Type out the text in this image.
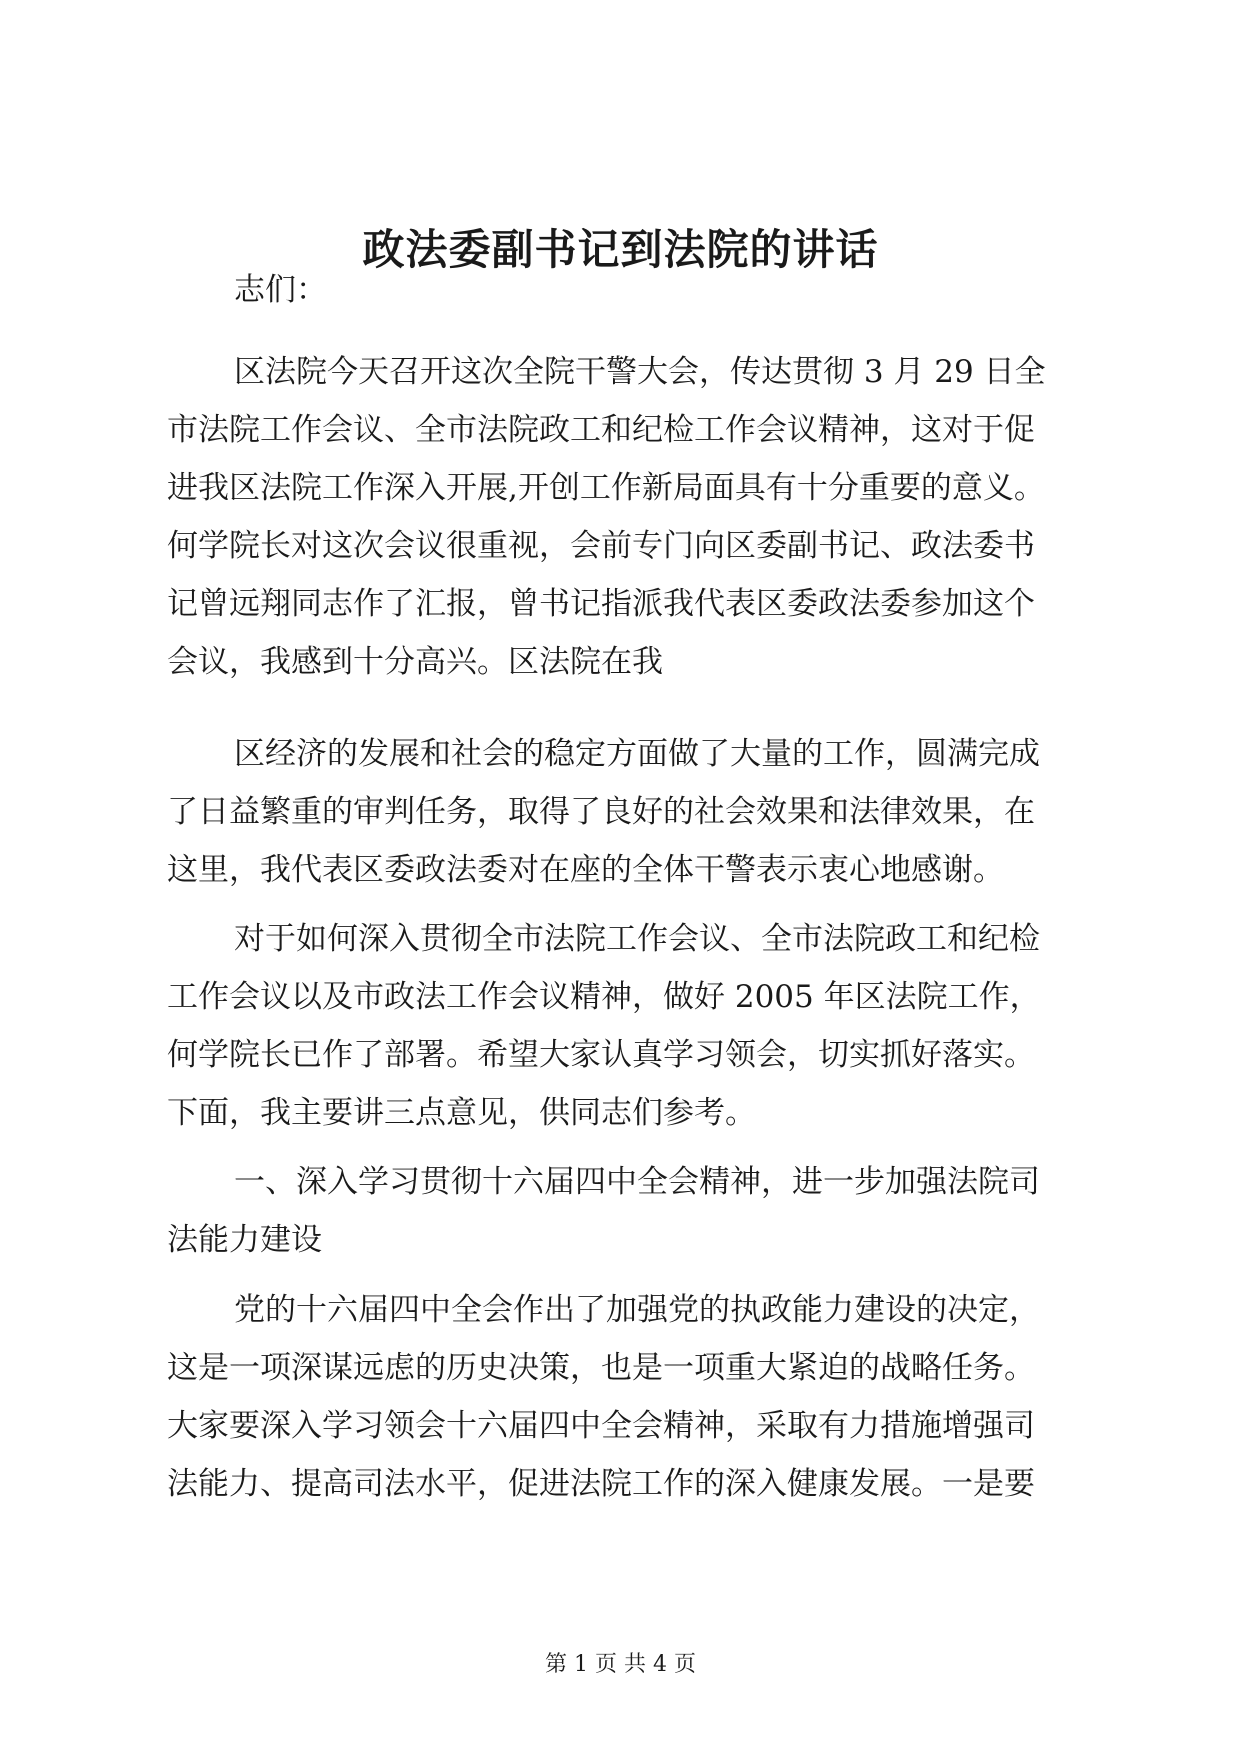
政法委副书记到法院的讲话

志们：

区法院今天召开这次全院干警大会，传达贯彻 3 月 29 日全

市法院工作会议、全市法院政工和纪检工作会议精神，这对于促

进我区法院工作深入开展,开创工作新局面具有十分重要的意义。

何学院长对这次会议很重视，会前专门向区委副书记、政法委书

记曾远翔同志作了汇报，曾书记指派我代表区委政法委参加这个

会议，我感到十分高兴。区法院在我

区经济的发展和社会的稳定方面做了大量的工作，圆满完成

了日益繁重的审判任务，取得了良好的社会效果和法律效果，在

这里，我代表区委政法委对在座的全体干警表示衷心地感谢。

对于如何深入贯彻全市法院工作会议、全市法院政工和纪检

工作会议以及市政法工作会议精神，做好 2005 年区法院工作，

何学院长已作了部署。希望大家认真学习领会，切实抓好落实。

下面，我主要讲三点意见，供同志们参考。

一、深入学习贯彻十六届四中全会精神，进一步加强法院司

法能力建设

党的十六届四中全会作出了加强党的执政能力建设的决定，

这是一项深谋远虑的历史决策，也是一项重大紧迫的战略任务。

大家要深入学习领会十六届四中全会精神，采取有力措施增强司

法能力、提高司法水平，促进法院工作的深入健康发展。一是要

第 1 页 共 4 页
